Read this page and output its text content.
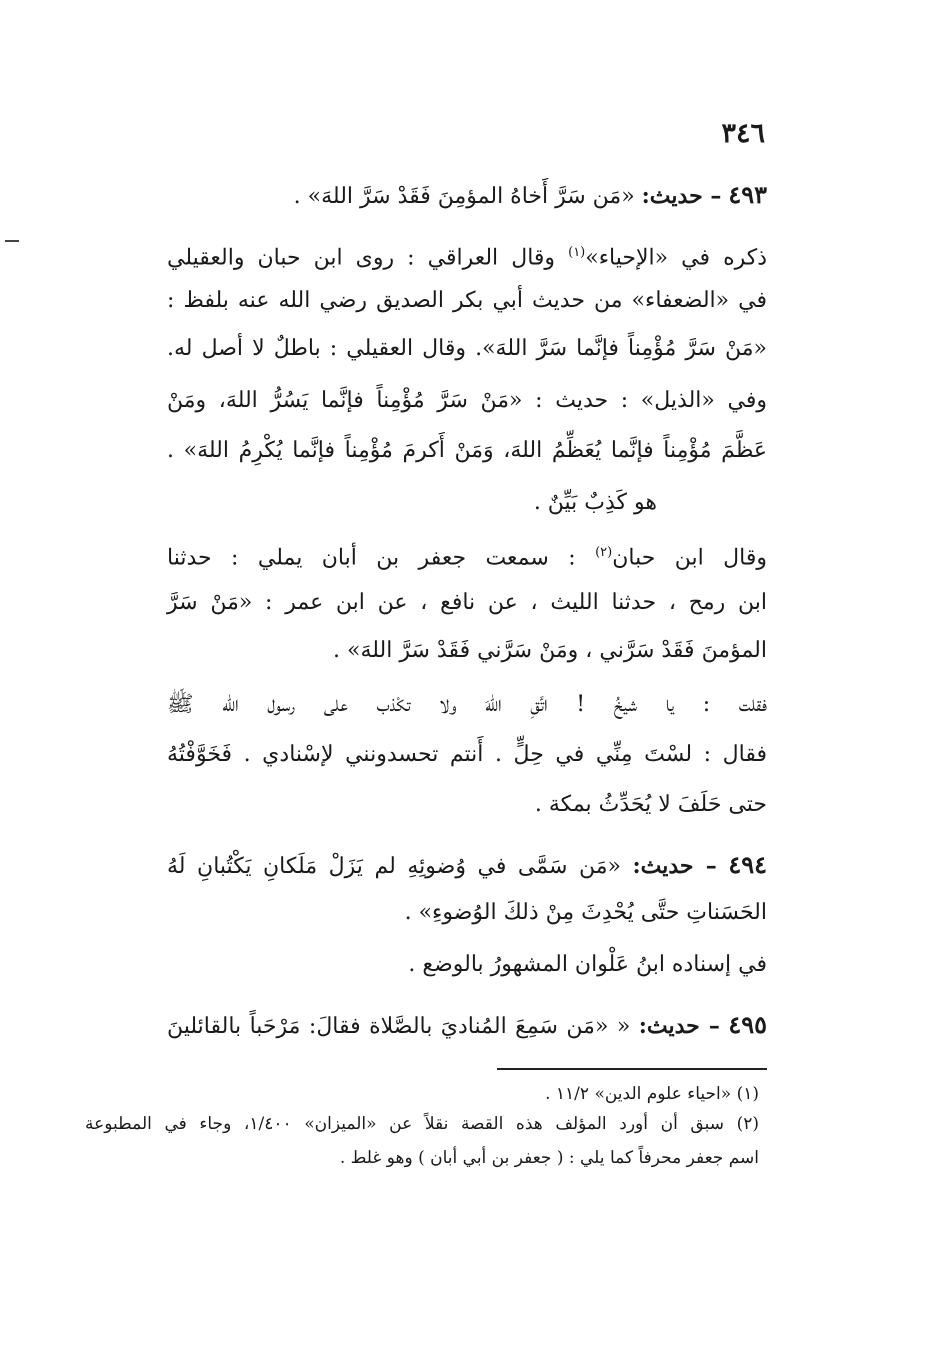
٣٤٦
٤٩٣ – حديث: «مَن سَرَّ أَخاهُ المؤمِنَ فَقَدْ سَرَّ اللهَ» .
ذكره في «الإحياء»$^{(١)}$ وقال العراقي : روى ابن حبان والعقيلي
في «الضعفاء» من حديث أبي بكر الصديق رضي الله عنه بلفظ :
«مَنْ سَرَّ مُؤْمِناً فإنَّما سَرَّ اللهَ». وقال العقيلي : باطلٌ لا أصل له.
وفي «الذيل» : حديث : «مَنْ سَرَّ مُؤْمِناً فإنَّما يَسُرُّ اللهَ، ومَنْ
عَظَّمَ مُؤْمِناً فإنَّما يُعَظِّمُ اللهَ، وَمَنْ أَكرمَ مُؤْمِناً فإنَّما يُكْرِمُ اللهَ» .
هو كَذِبٌ بَيِّنٌ .
وقال ابن حبان$^{(٢)}$ : سمعت جعفر بن أبان يملي : حدثنا
ابن رمح ، حدثنا الليث ، عن نافع ، عن ابن عمر : «مَنْ سَرَّ
المؤمنَ فَقَدْ سَرَّني ، ومَنْ سَرَّني فَقَدْ سَرَّ اللهَ» .
فقلت : يا شيخُ ! اتَّقِ اللهَ ولا تكْذب على رسول الله ﷺ
فقال : لسْتَ مِنِّي في حِلٍّ . أَنتم تحسدونني لإسْنادي . فَخَوَّفْتُهُ
حتى حَلَفَ لا يُحَدِّثُ بمكة .
٤٩٤ – حديث: «مَن سَمَّى في وُضوئِهِ لم يَزَلْ مَلَكانِ يَكْتُبانِ لَهُ
الحَسَناتِ حتَّى يُحْدِثَ مِنْ ذلكَ الوُضوءِ» .
في إسناده ابنُ عَلْوان المشهورُ بالوضع .
٤٩٥ – حديث: « «مَن سَمِعَ المُناديَ بالصَّلاة فقالَ: مَرْحَباً بالقائلينَ
(١) «احياء علوم الدين» ١١/٢ .
(٢) سبق أن أورد المؤلف هذه القصة نقلاً عن «الميزان» ١/٤٠٠، وجاء في المطبوعة
اسم جعفر محرفاً كما يلي : ( جعفر بن أبي أبان ) وهو غلط .
